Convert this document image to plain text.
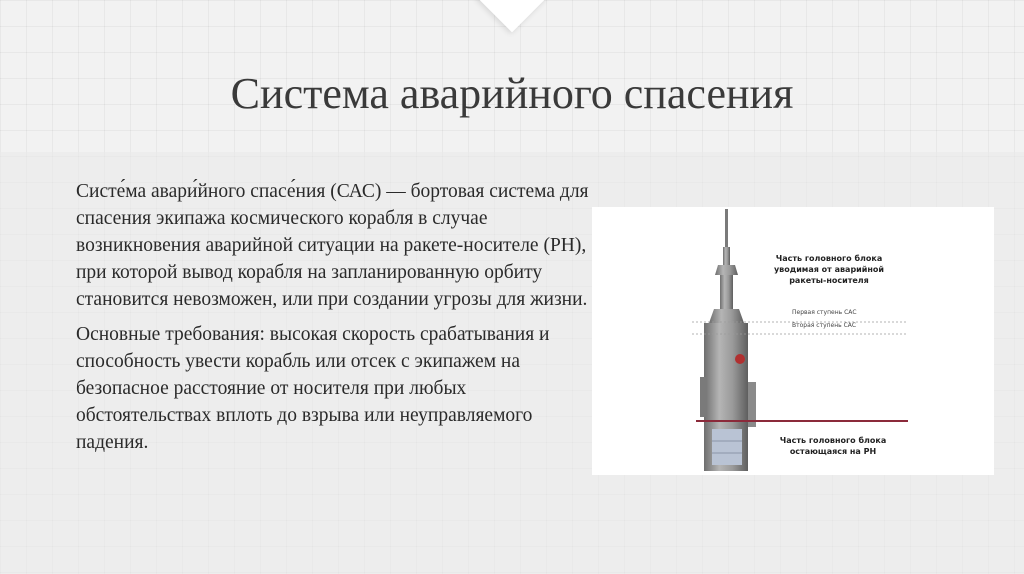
Система аварийного спасения

Систе́ма авари́йного спасе́ния (САС) — бортовая система для спасения экипажа космического корабля в случае возникновения аварийной ситуации на ракете-носителе (РН), при которой вывод корабля на запланированную орбиту становится невозможен, или при создании угрозы для жизни.

Основные требования: высокая скорость срабатывания и способность увести корабль или отсек с экипажем на безопасное расстояние от носителя при любых обстоятельствах вплоть до взрыва или неуправляемого падения.

Часть головного блока
уводимая от аварийной
ракеты-носителя
Первая ступень САС
Вторая ступень САС
Часть головного блока
остающаяся на РН
